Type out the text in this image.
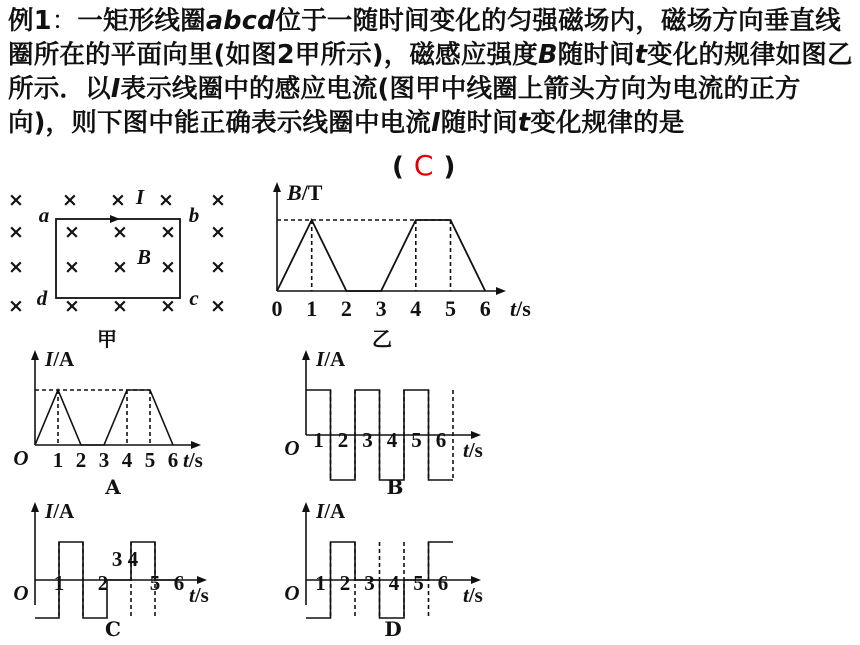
例1：一矩形线圈abcd位于一随时间变化的匀强磁场内，磁场方向垂直线圈所在的平面向里(如图2甲所示)，磁感应强度B随时间t变化的规律如图乙所示．以I表示线圈中的感应电流(图甲中线圈上箭头方向为电流的正方向)，则下图中能正确表示线圈中电流I随时间t变化规律的是
( C )
× × × × ×
× × × × ×
× × × × ×
× × × × ×
a	b
c
d
B
I
甲
B/T
t/s
0 1 2 3 4 5 6
乙
I/A
t/s
O
A
1 2 3 4 5 6
I/A
t/s
O
B
1 2 3 4 5 6
I/A
t/s
O
C
1 2
3 4
5 6
I/A
t/s
O
D
1 2 3 4 5 6
